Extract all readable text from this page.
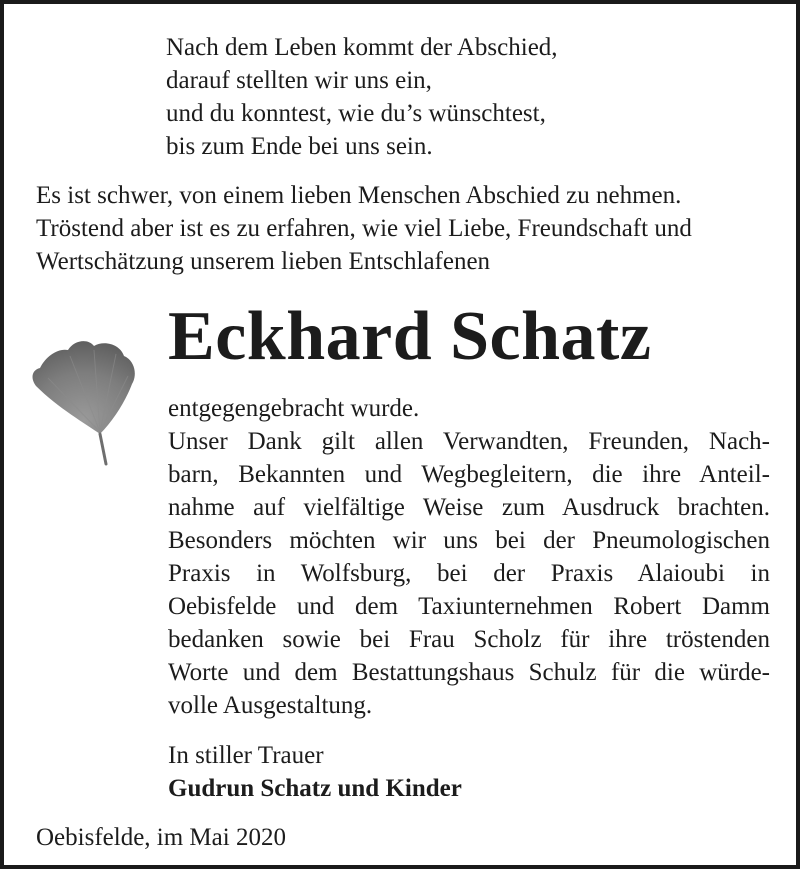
Nach dem Leben kommt der Abschied,
darauf stellten wir uns ein,
und du konntest, wie du’s wünschtest,
bis zum Ende bei uns sein.
Es ist schwer, von einem lieben Menschen Abschied zu nehmen.
Tröstend aber ist es zu erfahren, wie viel Liebe, Freundschaft und
Wertschätzung unserem lieben Entschlafenen
Eckhard Schatz
entgegengebracht wurde.
Unser Dank gilt allen Verwandten, Freunden, Nach-
barn, Bekannten und Wegbegleitern, die ihre Anteil-
nahme auf vielfältige Weise zum Ausdruck brachten.
Besonders möchten wir uns bei der Pneumologischen
Praxis in Wolfsburg, bei der Praxis Alaioubi in
Oebisfelde und dem Taxiunternehmen Robert Damm
bedanken sowie bei Frau Scholz für ihre tröstenden
Worte und dem Bestattungshaus Schulz für die würde-
volle Ausgestaltung.
In stiller Trauer
Gudrun Schatz und Kinder
Oebisfelde, im Mai 2020
